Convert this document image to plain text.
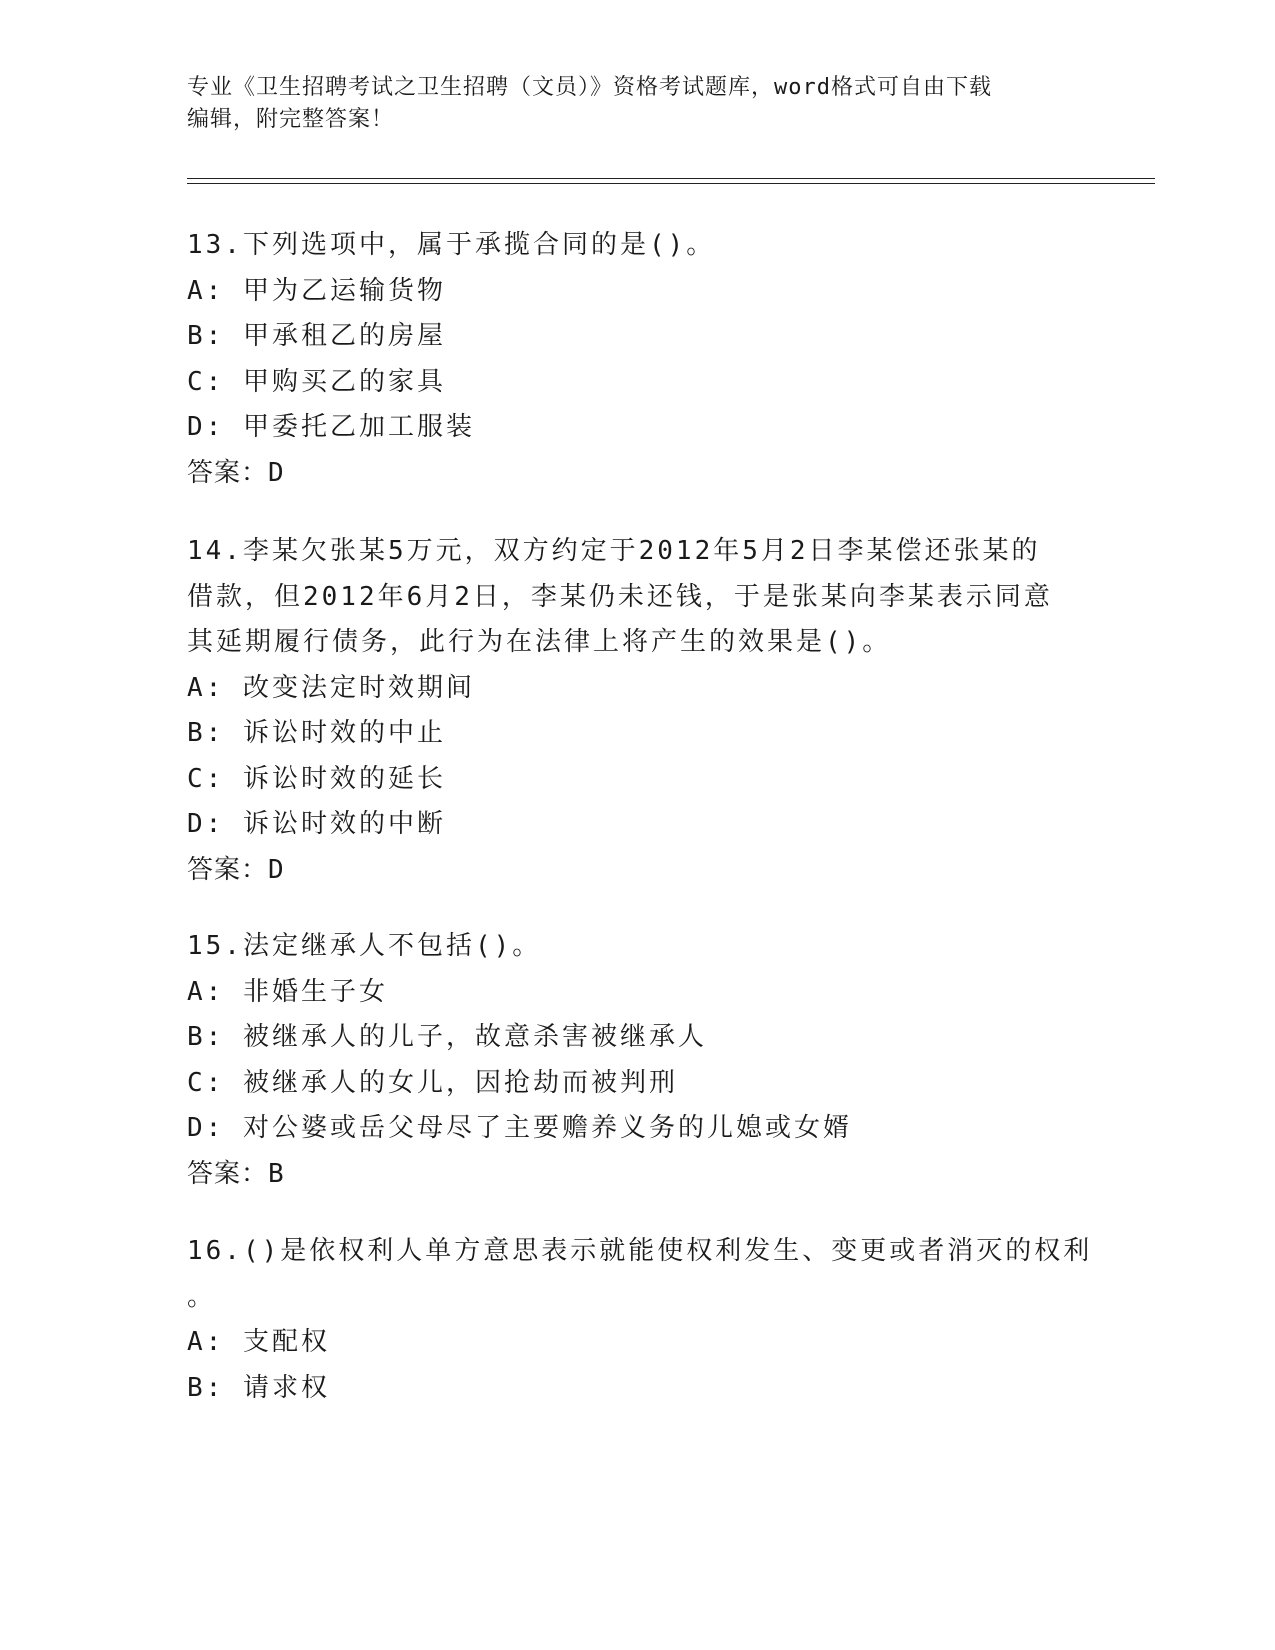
专业《卫生招聘考试之卫生招聘（文员）》资格考试题库，word格式可自由下载
编辑，附完整答案！
13.下列选项中，属于承揽合同的是()。
A: 甲为乙运输货物
B: 甲承租乙的房屋
C: 甲购买乙的家具
D: 甲委托乙加工服装
答案：D
14.李某欠张某5万元，双方约定于2012年5月2日李某偿还张某的
借款，但2012年6月2日，李某仍未还钱，于是张某向李某表示同意
其延期履行债务，此行为在法律上将产生的效果是()。
A: 改变法定时效期间
B: 诉讼时效的中止
C: 诉讼时效的延长
D: 诉讼时效的中断
答案：D
15.法定继承人不包括()。
A: 非婚生子女
B: 被继承人的儿子，故意杀害被继承人
C: 被继承人的女儿，因抢劫而被判刑
D: 对公婆或岳父母尽了主要赡养义务的儿媳或女婿
答案：B
16.()是依权利人单方意思表示就能使权利发生、变更或者消灭的权利
。
A: 支配权
B: 请求权
